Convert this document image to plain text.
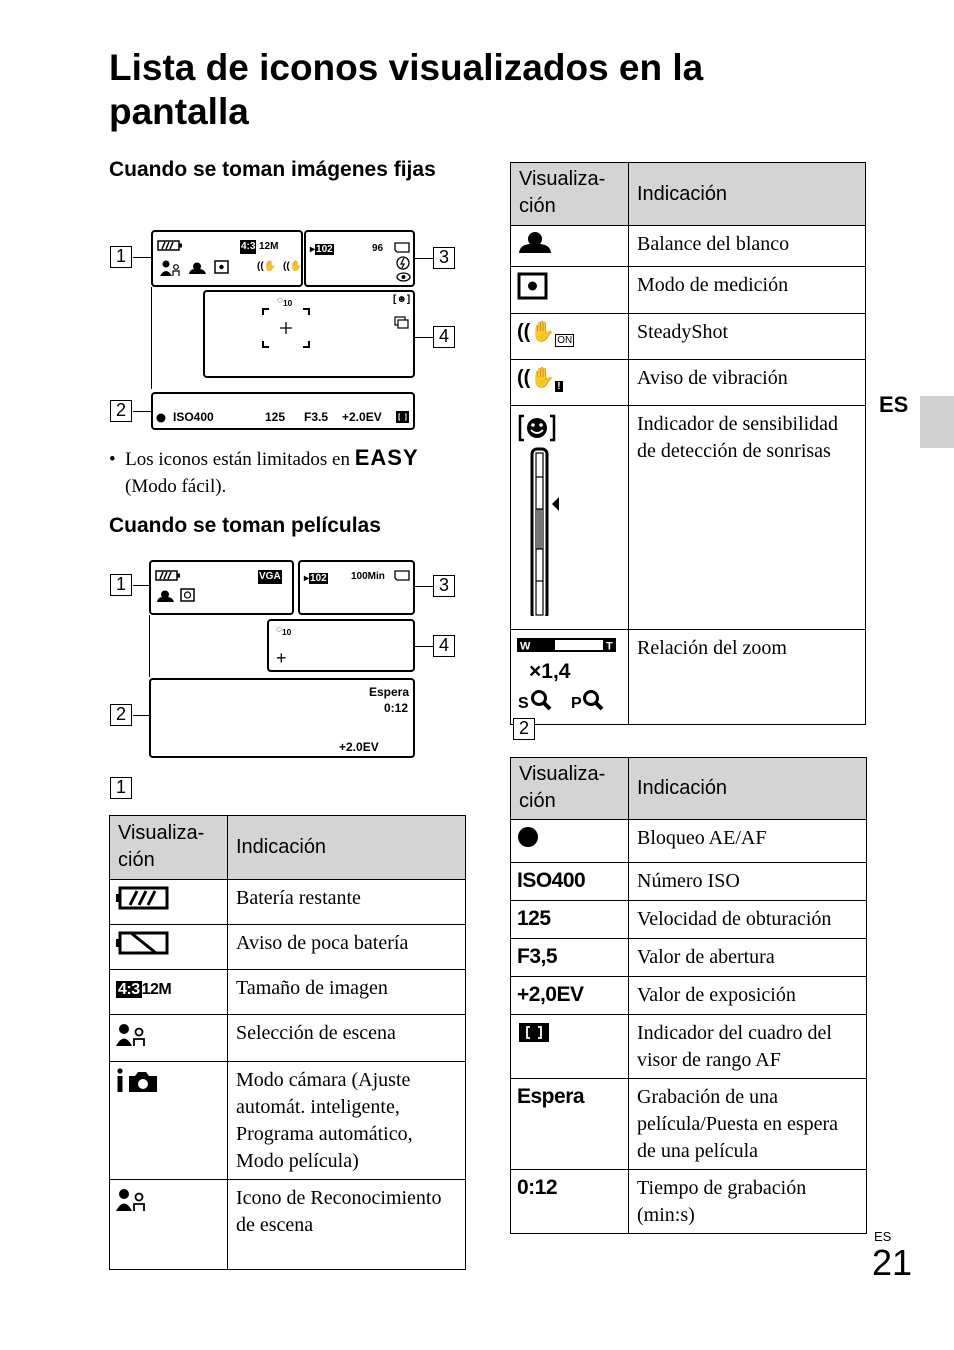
Lista de iconos visualizados en la pantalla
Cuando se toman imágenes fijas
4:3 12M
((✋ ((✋
1	▸102	96	3
$◌_{10}$	[☻]
4
ISO400	125 F3.5 +2.0EV
2
•  Los iconos están limitados en EASY
(Modo fácil).
Cuando se toman películas
VGA
1	▸102 100Min	3
$◌_{10}$
+
4
Espera
0:12
+2.0EV
2
1
Visualiza-
ción	Indicación
	Batería restante
	Aviso de poca batería
4:3 12M	Tamaño de imagen
	Selección de escena
	Modo cámara (Ajuste automát. inteligente, Programa automático, Modo película)
	Icono de Reconocimiento de escena
Visualiza-
ción	Indicación
	Balance del blanco
	Modo de medición
((✋ $_{ON}$	SteadyShot
((✋ $_!$	Aviso de vibración
	Indicador de sensibilidad de detección de sonrisas

W T
×1,4
S P	Relación del zoom
2
Visualiza-
ción	Indicación
	Bloqueo AE/AF
ISO400	Número ISO
125	Velocidad de obturación
F3,5	Valor de abertura
+2,0EV	Valor de exposición
	Indicador del cuadro del visor de rango AF
Espera	Grabación de una película/Puesta en espera de una película
0:12	Tiempo de grabación (min:s)
ES
ES
21
